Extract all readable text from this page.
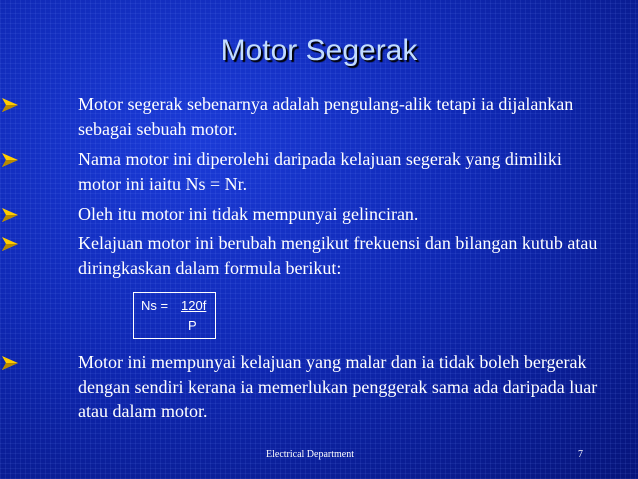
Motor Segerak
Motor segerak sebenarnya adalah pengulang-alik tetapi ia dijalankan sebagai sebuah motor.
Nama motor ini diperolehi daripada kelajuan segerak yang dimiliki motor ini iaitu Ns = Nr.
Oleh itu motor ini tidak mempunyai gelinciran.
Kelajuan motor ini berubah mengikut frekuensi dan bilangan kutub atau diringkaskan dalam formula berikut:
Motor ini mempunyai kelajuan yang malar dan ia tidak boleh bergerak dengan sendiri kerana ia memerlukan penggerak sama ada daripada luar atau dalam motor.
Ns = 120f
P
Electrical Department	7
